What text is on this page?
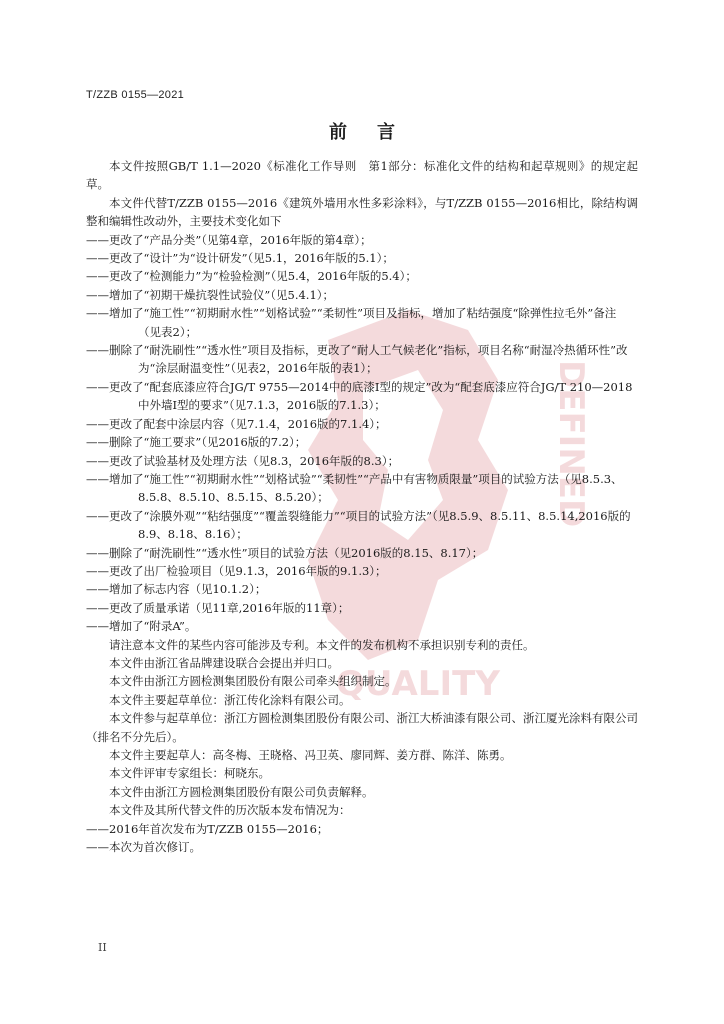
T/ZZB 0155—2021
前 言
DEFINED
QUALITY

本文件按照GB/T 1.1—2020《标准化工作导则　第1部分：标准化文件的结构和起草规则》的规定起草。

本文件代替T/ZZB 0155—2016《建筑外墙用水性多彩涂料》，与T/ZZB 0155—2016相比，除结构调整和编辑性改动外，主要技术变化如下

——更改了“产品分类”（见第4章，2016年版的第4章）；

——更改了“设计”为“设计研发”（见5.1，2016年版的5.1）；

——更改了“检测能力”为“检验检测”（见5.4，2016年版的5.4）；

——增加了“初期干燥抗裂性试验仪”（见5.4.1）；

——增加了“施工性”“初期耐水性”“划格试验”“柔韧性”项目及指标，增加了粘结强度“除弹性拉毛外”备注（见表2）；

——删除了“耐洗刷性”“透水性”项目及指标，更改了“耐人工气候老化”指标，项目名称“耐湿冷热循环性”改为“涂层耐温变性”（见表2，2016年版的表1）；

——更改了“配套底漆应符合JG/T 9755—2014中的底漆Ⅰ型的规定”改为“配套底漆应符合JG/T 210—2018中外墙Ⅰ型的要求”（见7.1.3，2016版的7.1.3）；

——更改了配套中涂层内容（见7.1.4，2016版的7.1.4）；

——删除了“施工要求”（见2016版的7.2）；

——更改了试验基材及处理方法（见8.3，2016年版的8.3）；

——增加了“施工性”“初期耐水性”“划格试验”“柔韧性”“产品中有害物质限量”项目的试验方法（见8.5.3、8.5.8、8.5.10、8.5.15、8.5.20）；

——更改了“涂膜外观”“粘结强度”“覆盖裂缝能力”“项目的试验方法”（见8.5.9、8.5.11、8.5.14,2016版的8.9、8.18、8.16）；

——删除了“耐洗刷性”“透水性”项目的试验方法（见2016版的8.15、8.17）；

——更改了出厂检验项目（见9.1.3，2016年版的9.1.3）；

——增加了标志内容（见10.1.2）；

——更改了质量承诺（见11章,2016年版的11章）；

——增加了“附录A”。

请注意本文件的某些内容可能涉及专利。本文件的发布机构不承担识别专利的责任。

本文件由浙江省品牌建设联合会提出并归口。

本文件由浙江方圆检测集团股份有限公司牵头组织制定。

本文件主要起草单位：浙江传化涂料有限公司。

本文件参与起草单位：浙江方圆检测集团股份有限公司、浙江大桥油漆有限公司、浙江厦光涂料有限公司（排名不分先后）。

本文件主要起草人：高冬梅、王晓格、冯卫英、廖同辉、姜方群、陈洋、陈勇。

本文件评审专家组长：柯晓东。

本文件由浙江方圆检测集团股份有限公司负责解释。

本文件及其所代替文件的历次版本发布情况为：

——2016年首次发布为T/ZZB 0155—2016；

——本次为首次修订。

II
